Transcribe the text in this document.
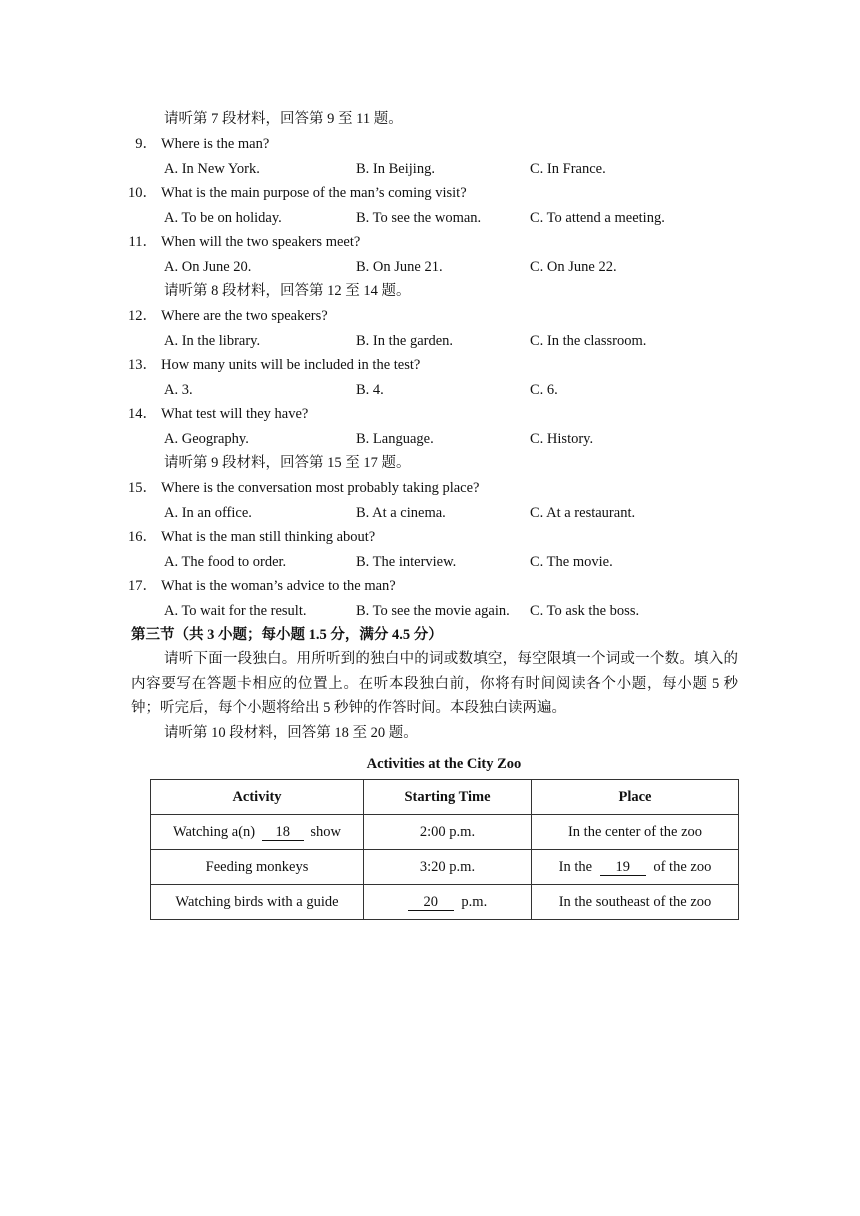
请听第 7 段材料，回答第 9 至 11 题。
9． Where is the man?
A. In New York.	B. In Beijing.	C. In France.
10． What is the main purpose of the man’s coming visit?
A. To be on holiday.	B. To see the woman.	C. To attend a meeting.
11． When will the two speakers meet?
A. On June 20.	B. On June 21.	C. On June 22.
请听第 8 段材料，回答第 12 至 14 题。
12． Where are the two speakers?
A. In the library.	B. In the garden.	C. In the classroom.
13． How many units will be included in the test?
A. 3.	B. 4.	C. 6.
14． What test will they have?
A. Geography.	B. Language.	C. History.
请听第 9 段材料，回答第 15 至 17 题。
15． Where is the conversation most probably taking place?
A. In an office.	B. At a cinema.	C. At a restaurant.
16． What is the man still thinking about?
A. The food to order.	B. The interview.	C. The movie.
17． What is the woman’s advice to the man?
A. To wait for the result.	B. To see the movie again. C. To ask the boss.
第三节（共 3 小题；每小题 1.5 分，满分 4.5 分）
请听下面一段独白。用所听到的独白中的词或数填空，每空限填一个词或一个数。填入的内容要写在答题卡相应的位置上。在听本段独白前，你将有时间阅读各个小题，每小题 5 秒钟；听完后，每个小题将给出 5 秒钟的作答时间。本段独白读两遍。
请听第 10 段材料，回答第 18 至 20 题。
Activities at the City Zoo
Activity	Starting Time	Place
Watching a(n) 18 show	2:00 p.m.	In the center of the zoo
Feeding monkeys	3:20 p.m.	In the 19 of the zoo
Watching birds with a guide	20 p.m.	In the southeast of the zoo
